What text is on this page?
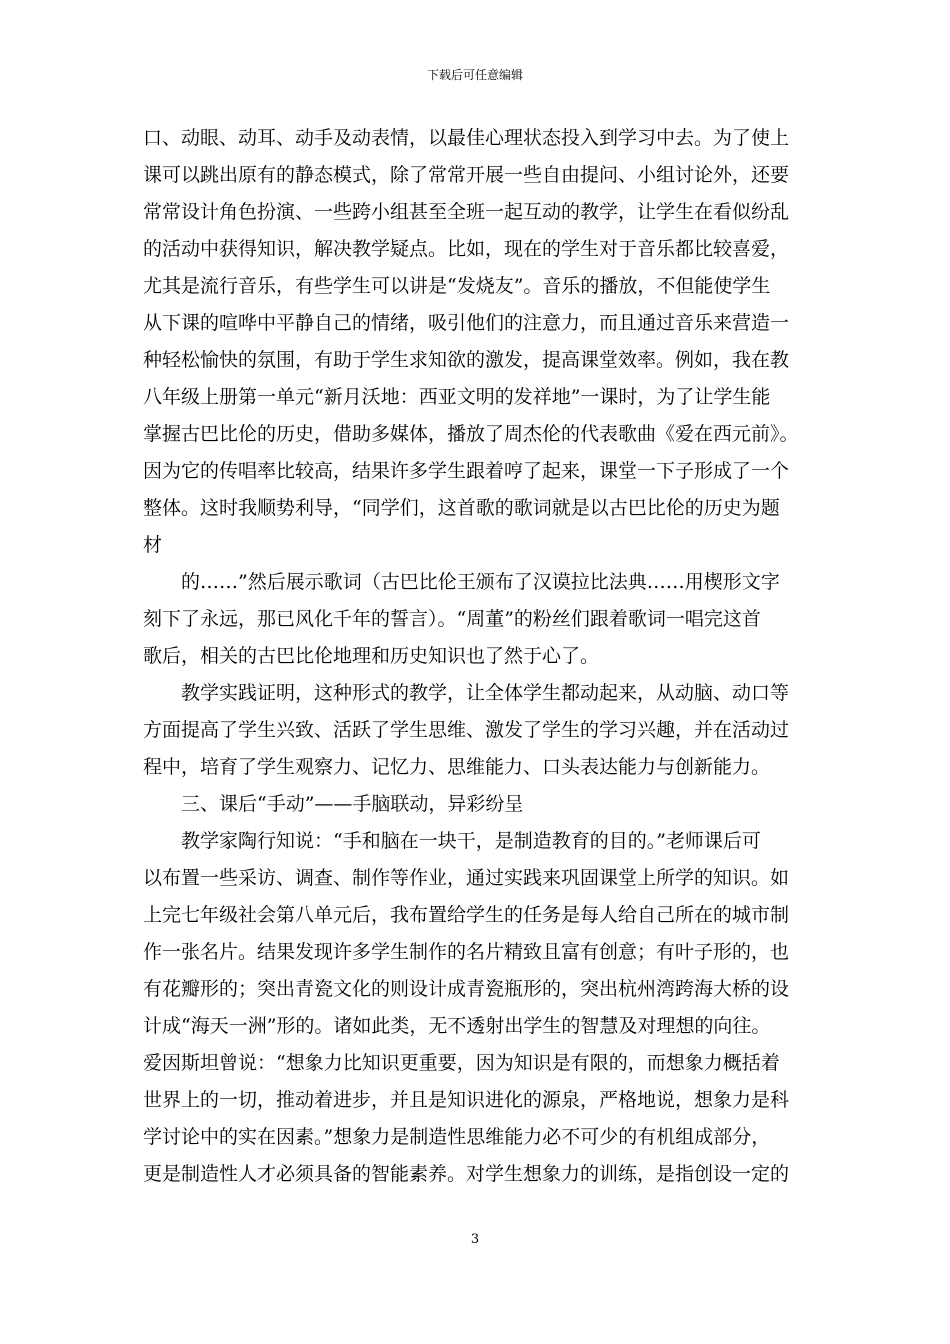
下载后可任意编辑
口、动眼、动耳、动手及动表情，以最佳心理状态投入到学习中去。为了使上
课可以跳出原有的静态模式，除了常常开展一些自由提问、小组讨论外，还要
常常设计角色扮演、一些跨小组甚至全班一起互动的教学，让学生在看似纷乱
的活动中获得知识，解决教学疑点。比如，现在的学生对于音乐都比较喜爱，
尤其是流行音乐，有些学生可以讲是“发烧友”。音乐的播放，不但能使学生
从下课的喧哗中平静自己的情绪，吸引他们的注意力，而且通过音乐来营造一
种轻松愉快的氛围，有助于学生求知欲的激发，提高课堂效率。例如，我在教
八年级上册第一单元“新月沃地：西亚文明的发祥地”一课时，为了让学生能
掌握古巴比伦的历史，借助多媒体，播放了周杰伦的代表歌曲《爱在西元前》。
因为它的传唱率比较高，结果许多学生跟着哼了起来，课堂一下子形成了一个
整体。这时我顺势利导，“同学们，这首歌的歌词就是以古巴比伦的历史为题
材
的……”然后展示歌词（古巴比伦王颁布了汉谟拉比法典……用楔形文字
刻下了永远，那已风化千年的誓言）。“周董”的粉丝们跟着歌词一唱完这首
歌后，相关的古巴比伦地理和历史知识也了然于心了。
教学实践证明，这种形式的教学，让全体学生都动起来，从动脑、动口等
方面提高了学生兴致、活跃了学生思维、激发了学生的学习兴趣，并在活动过
程中，培育了学生观察力、记忆力、思维能力、口头表达能力与创新能力。
三、课后“手动”——手脑联动，异彩纷呈
教学家陶行知说：“手和脑在一块干，是制造教育的目的。”老师课后可
以布置一些采访、调查、制作等作业，通过实践来巩固课堂上所学的知识。如
上完七年级社会第八单元后，我布置给学生的任务是每人给自己所在的城市制
作一张名片。结果发现许多学生制作的名片精致且富有创意；有叶子形的，也
有花瓣形的；突出青瓷文化的则设计成青瓷瓶形的，突出杭州湾跨海大桥的设
计成“海天一洲”形的。诸如此类，无不透射出学生的智慧及对理想的向往。
爱因斯坦曾说：“想象力比知识更重要，因为知识是有限的，而想象力概括着
世界上的一切，推动着进步，并且是知识进化的源泉，严格地说，想象力是科
学讨论中的实在因素。”想象力是制造性思维能力必不可少的有机组成部分，
更是制造性人才必须具备的智能素养。对学生想象力的训练，是指创设一定的
3
